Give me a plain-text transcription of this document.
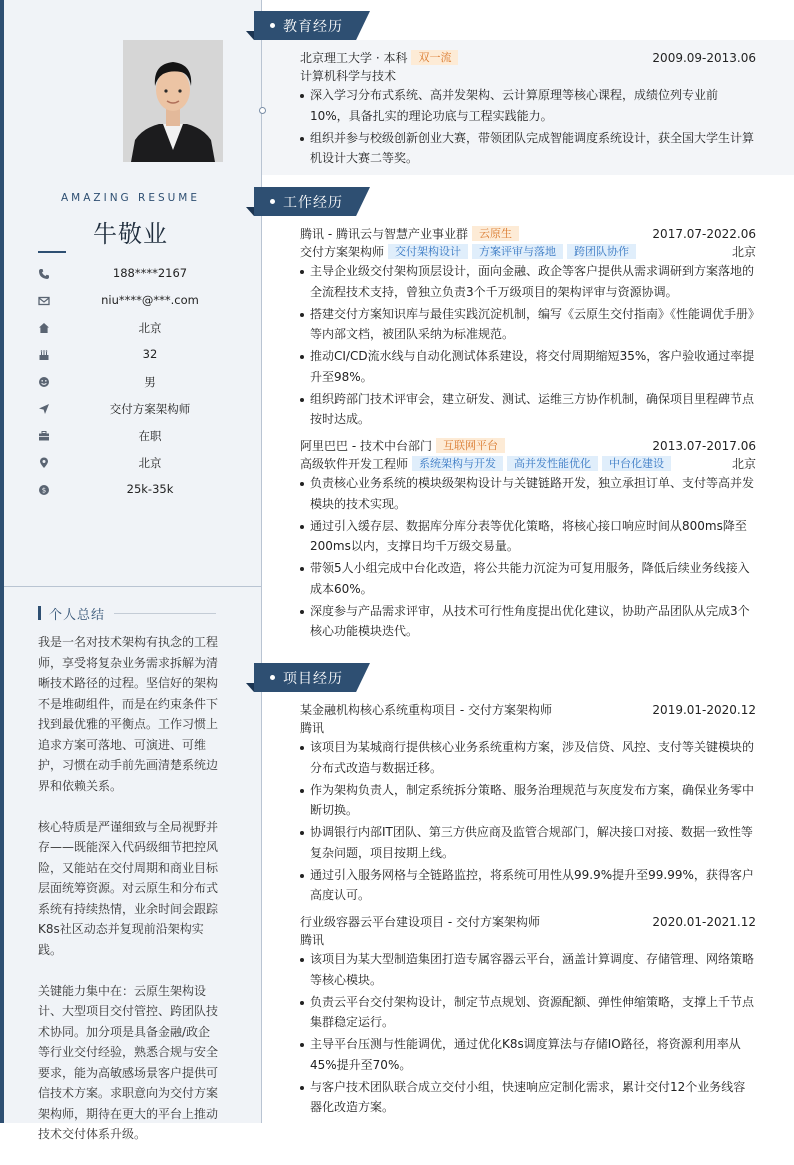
AMAZING RESUME
牛敬业
188****2167
niu****@***.com
北京
32
男
交付方案架构师
在职
北京
$	25k-35k
个人总结

我是一名对技术架构有执念的工程师，享受将复杂业务需求拆解为清晰技术路径的过程。坚信好的架构不是堆砌组件，而是在约束条件下找到最优雅的平衡点。工作习惯上追求方案可落地、可演进、可维护，习惯在动手前先画清楚系统边界和依赖关系。

核心特质是严谨细致与全局视野并存——既能深入代码级细节把控风险，又能站在交付周期和商业目标层面统筹资源。对云原生和分布式系统有持续热情，业余时间会跟踪K8s社区动态并复现前沿架构实践。

关键能力集中在：云原生架构设计、大型项目交付管控、跨团队技术协同。加分项是具备金融/政企等行业交付经验，熟悉合规与安全要求，能为高敏感场景客户提供可信技术方案。求职意向为交付方案架构师，期待在更大的平台上推动技术交付体系升级。

教育经历
北京理工大学 · 本科 双一流	2009.09-2013.06
计算机科学与技术
深入学习分布式系统、高并发架构、云计算原理等核心课程，成绩位列专业前10%，具备扎实的理论功底与工程实践能力。
组织并参与校级创新创业大赛，带领团队完成智能调度系统设计，获全国大学生计算机设计大赛二等奖。
工作经历
腾讯 - 腾讯云与智慧产业事业群 云原生	2017.07-2022.06
交付方案架构师 交付架构设计 方案评审与落地 跨团队协作	北京
主导企业级交付架构顶层设计，面向金融、政企等客户提供从需求调研到方案落地的全流程技术支持，曾独立负责3个千万级项目的架构评审与资源协调。
搭建交付方案知识库与最佳实践沉淀机制，编写《云原生交付指南》《性能调优手册》等内部文档，被团队采纳为标准规范。
推动CI/CD流水线与自动化测试体系建设，将交付周期缩短35%，客户验收通过率提升至98%。
组织跨部门技术评审会，建立研发、测试、运维三方协作机制，确保项目里程碑节点按时达成。
阿里巴巴 - 技术中台部门 互联网平台	2013.07-2017.06
高级软件开发工程师 系统架构与开发 高并发性能优化 中台化建设	北京
负责核心业务系统的模块级架构设计与关键链路开发，独立承担订单、支付等高并发模块的技术实现。
通过引入缓存层、数据库分库分表等优化策略，将核心接口响应时间从800ms降至200ms以内，支撑日均千万级交易量。
带领5人小组完成中台化改造，将公共能力沉淀为可复用服务，降低后续业务线接入成本60%。
深度参与产品需求评审，从技术可行性角度提出优化建议，协助产品团队从完成3个核心功能模块迭代。
项目经历
某金融机构核心系统重构项目 - 交付方案架构师	2019.01-2020.12
腾讯
该项目为某城商行提供核心业务系统重构方案，涉及信贷、风控、支付等关键模块的分布式改造与数据迁移。
作为架构负责人，制定系统拆分策略、服务治理规范与灰度发布方案，确保业务零中断切换。
协调银行内部IT团队、第三方供应商及监管合规部门，解决接口对接、数据一致性等复杂问题，项目按期上线。
通过引入服务网格与全链路监控，将系统可用性从99.9%提升至99.99%，获得客户高度认可。
行业级容器云平台建设项目 - 交付方案架构师	2020.01-2021.12
腾讯
该项目为某大型制造集团打造专属容器云平台，涵盖计算调度、存储管理、网络策略等核心模块。
负责云平台交付架构设计，制定节点规划、资源配额、弹性伸缩策略，支撑上千节点集群稳定运行。
主导平台压测与性能调优，通过优化K8s调度算法与存储IO路径，将资源利用率从45%提升至70%。
与客户技术团队联合成立交付小组，快速响应定制化需求，累计交付12个业务线容器化改造方案。
